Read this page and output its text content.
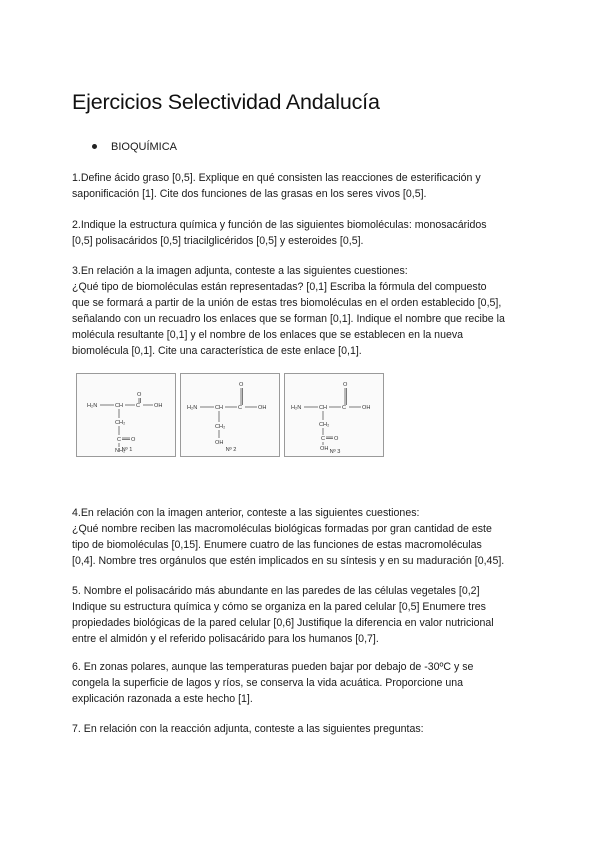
Ejercicios Selectividad Andalucía
BIOQUÍMICA

1.Define ácido graso [0,5]. Explique en qué consisten las reacciones de esterificación y
saponificación [1]. Cite dos funciones de las grasas en los seres vivos [0,5].

2.Indique la estructura química y función de las siguientes biomoléculas: monosacáridos
[0,5] polisacáridos [0,5] triacilglicéridos [0,5] y esteroides [0,5].

3.En relación a la imagen adjunta, conteste a las siguientes cuestiones:
¿Qué tipo de biomoléculas están representadas? [0,1] Escriba la fórmula del compuesto
que se formará a partir de la unión de estas tres biomoléculas en el orden establecido [0,5],
señalando con un recuadro los enlaces que se forman [0,1]. Indique el nombre que recibe la
molécula resultante [0,1] y el nombre de los enlaces que se establecen en la nueva
biomolécula [0,1]. Cite una característica de este enlace [0,1].

H₂N	CH C
O
OH
CH₂
C O
NH₂
Nº 1
H₂N	CH	C
O
OH
CH₂
OH
Nº 2
H₂N	CH	C
O
OH
CH₂
C O
OH Nº 3

4.En relación con la imagen anterior, conteste a las siguientes cuestiones:
¿Qué nombre reciben las macromoléculas biológicas formadas por gran cantidad de este
tipo de biomoléculas [0,15]. Enumere cuatro de las funciones de estas macromoléculas
[0,4]. Nombre tres orgánulos que estén implicados en su síntesis y en su maduración [0,45].

5. Nombre el polisacárido más abundante en las paredes de las células vegetales [0,2]
Indique su estructura química y cómo se organiza en la pared celular [0,5] Enumere tres
propiedades biológicas de la pared celular [0,6] Justifique la diferencia en valor nutricional
entre el almidón y el referido polisacárido para los humanos [0,7].

6. En zonas polares, aunque las temperaturas pueden bajar por debajo de -30ºC y se
congela la superficie de lagos y ríos, se conserva la vida acuática. Proporcione una
explicación razonada a este hecho [1].

7. En relación con la reacción adjunta, conteste a las siguientes preguntas:
